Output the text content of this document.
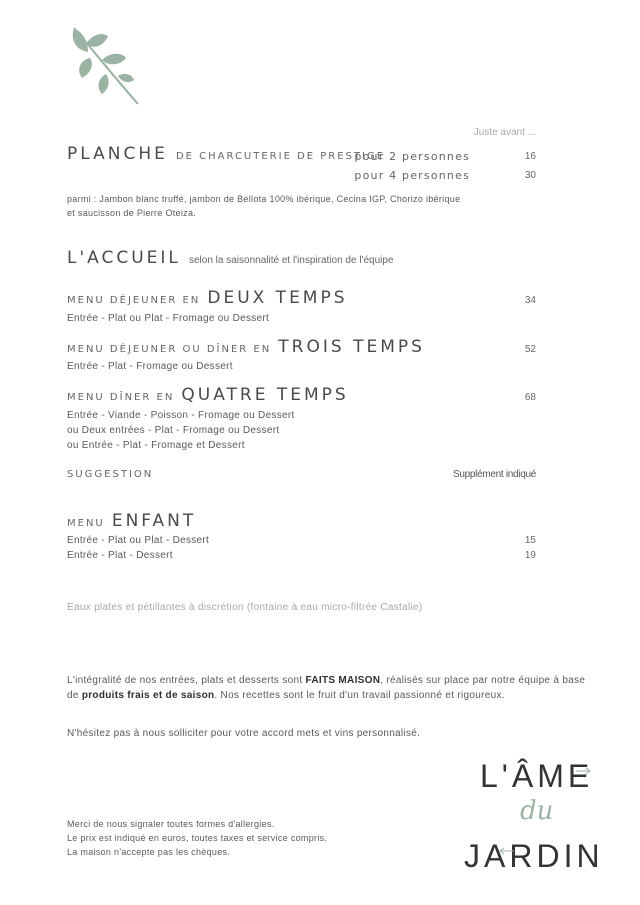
Juste avant ...
PLANCHE DE CHARCUTERIE DE PRESTIGE
pour 2 personnes	16
pour 4 personnes	30
parmi : Jambon blanc truffé, jambon de Bellota 100% ibérique, Cecina IGP, Chorizo ibérique
et saucisson de Pierre Oteiza.
L'ACCUEIL selon la saisonnalité et l'inspiration de l'équipe
MENU DÉJEUNER EN DEUX TEMPS	34
Entrée - Plat ou Plat - Fromage ou Dessert
MENU DÉJEUNER OU DÎNER EN TROIS TEMPS	52
Entrée - Plat - Fromage ou Dessert
MENU DÎNER EN QUATRE TEMPS	68
Entrée - Viande - Poisson - Fromage ou Dessert
ou Deux entrées - Plat - Fromage ou Dessert
ou Entrée - Plat - Fromage et Dessert
SUGGESTION	Supplément indiqué
MENU ENFANT
Entrée - Plat ou Plat - Dessert	15
Entrée - Plat - Dessert	19
Eaux plates et pétillantes à discrétion (fontaine à eau micro-filtrée Castalie)
L'intégralité de nos entrées, plats et desserts sont FAITS MAISON, réalisés sur place par notre équipe à base
de produits frais et de saison. Nos recettes sont le fruit d'un travail passionné et rigoureux.
N'hésitez pas à nous solliciter pour votre accord mets et vins personnalisé.
Merci de nous signaler toutes formes d'allergies.
Le prix est indiqué en euros, toutes taxes et service compris.
La maison n'accepte pas les chèques.
L'ÂME
du
JARDIN
